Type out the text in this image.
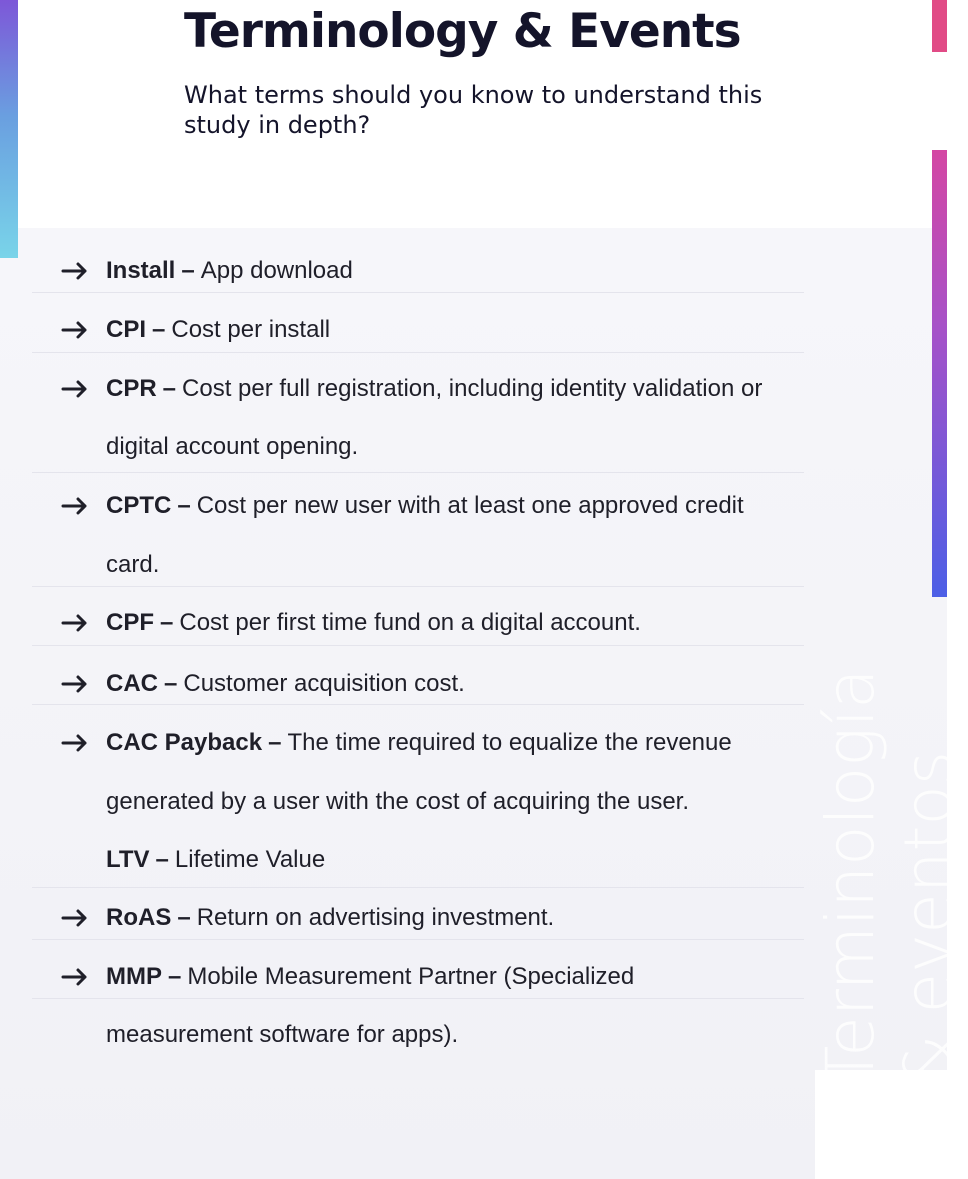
Terminology & Events

What terms should you know to understand this study in depth?

Terminología & eventos
Install – App download
CPI – Cost per install
CPR – Cost per full registration, including identity validation or
digital account opening.
CPTC – Cost per new user with at least one approved credit
card.
CPF – Cost per first time fund on a digital account.
CAC – Customer acquisition cost.
CAC Payback – The time required to equalize the revenue
generated by a user with the cost of acquiring the user.
LTV – Lifetime Value
RoAS – Return on advertising investment.
MMP – Mobile Measurement Partner (Specialized
measurement software for apps).
